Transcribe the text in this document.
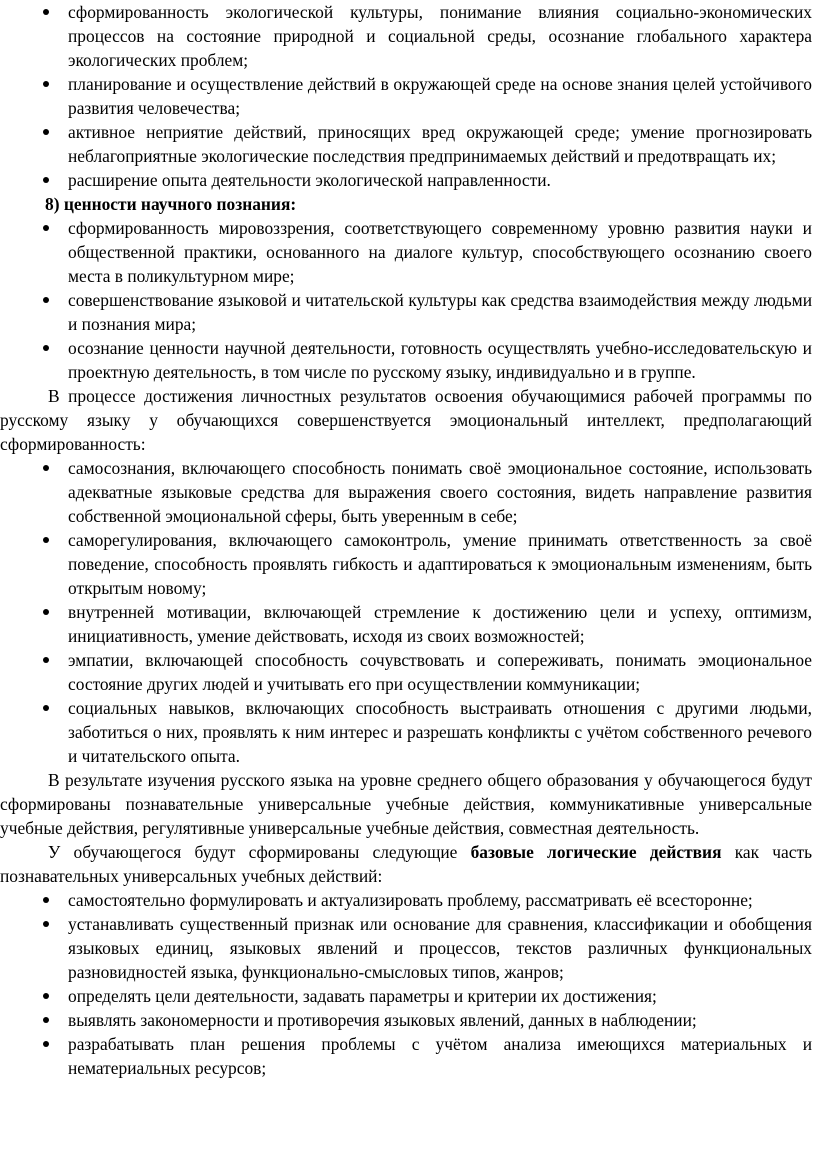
сформированность экологической культуры, понимание влияния социально-экономических процессов на состояние природной и социальной среды, осознание глобального характера экологических проблем;
планирование и осуществление действий в окружающей среде на основе знания целей устойчивого развития человечества;
активное неприятие действий, приносящих вред окружающей среде; умение прогнозировать неблагоприятные экологические последствия предпринимаемых действий и предотвращать их;
расширение опыта деятельности экологической направленности.

8) ценности научного познания:

сформированность мировоззрения, соответствующего современному уровню развития науки и общественной практики, основанного на диалоге культур, способствующего осознанию своего места в поликультурном мире;
совершенствование языковой и читательской культуры как средства взаимодействия между людьми и познания мира;
осознание ценности научной деятельности, готовность осуществлять учебно-исследовательскую и проектную деятельность, в том числе по русскому языку, индивидуально и в группе.

В процессе достижения личностных результатов освоения обучающимися рабочей программы по русскому языку у обучающихся совершенствуется эмоциональный интеллект, предполагающий сформированность:

самосознания, включающего способность понимать своё эмоциональное состояние, использовать адекватные языковые средства для выражения своего состояния, видеть направление развития собственной эмоциональной сферы, быть уверенным в себе;
саморегулирования, включающего самоконтроль, умение принимать ответственность за своё поведение, способность проявлять гибкость и адаптироваться к эмоциональным изменениям, быть открытым новому;
внутренней мотивации, включающей стремление к достижению цели и успеху, оптимизм, инициативность, умение действовать, исходя из своих возможностей;
эмпатии, включающей способность сочувствовать и сопереживать, понимать эмоциональное состояние других людей и учитывать его при осуществлении коммуникации;
социальных навыков, включающих способность выстраивать отношения с другими людьми, заботиться о них, проявлять к ним интерес и разрешать конфликты с учётом собственного речевого и читательского опыта.

В результате изучения русского языка на уровне среднего общего образования у обучающегося будут сформированы познавательные универсальные учебные действия, коммуникативные универсальные учебные действия, регулятивные универсальные учебные действия, совместная деятельность.

У обучающегося будут сформированы следующие базовые логические действия как часть познавательных универсальных учебных действий:

самостоятельно формулировать и актуализировать проблему, рассматривать её всесторонне;
устанавливать существенный признак или основание для сравнения, классификации и обобщения языковых единиц, языковых явлений и процессов, текстов различных функциональных разновидностей языка, функционально-смысловых типов, жанров;
определять цели деятельности, задавать параметры и критерии их достижения;
выявлять закономерности и противоречия языковых явлений, данных в наблюдении;
разрабатывать план решения проблемы с учётом анализа имеющихся материальных и нематериальных ресурсов;
